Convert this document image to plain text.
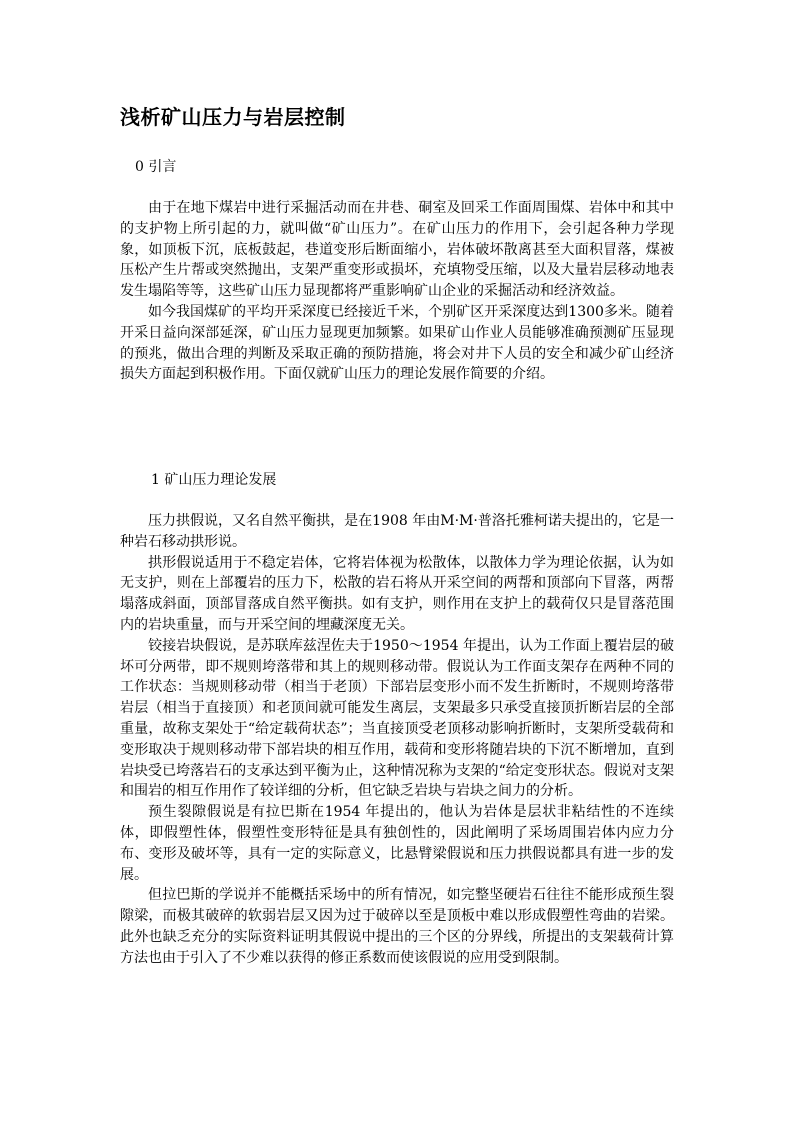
浅析矿山压力与岩层控制
0 引言

由于在地下煤岩中进行采掘活动而在井巷、硐室及回采工作面周围煤、岩体中和其中的支护物上所引起的力，就叫做“矿山压力”。在矿山压力的作用下，会引起各种力学现象，如顶板下沉，底板鼓起，巷道变形后断面缩小，岩体破坏散离甚至大面积冒落，煤被压松产生片帮或突然抛出，支架严重变形或损坏，充填物受压缩，以及大量岩层移动地表发生塌陷等等，这些矿山压力显现都将严重影响矿山企业的采掘活动和经济效益。

如今我国煤矿的平均开采深度已经接近千米，个别矿区开采深度达到1300多米。随着开采日益向深部延深，矿山压力显现更加频繁。如果矿山作业人员能够准确预测矿压显现的预兆，做出合理的判断及采取正确的预防措施，将会对井下人员的安全和减少矿山经济损失方面起到积极作用。下面仅就矿山压力的理论发展作简要的介绍。

1 矿山压力理论发展

压力拱假说，又名自然平衡拱，是在1908 年由M·M·普洛托雅柯诺夫提出的，它是一种岩石移动拱形说。

拱形假说适用于不稳定岩体，它将岩体视为松散体，以散体力学为理论依据，认为如无支护，则在上部覆岩的压力下，松散的岩石将从开采空间的两帮和顶部向下冒落，两帮塌落成斜面，顶部冒落成自然平衡拱。如有支护，则作用在支护上的载荷仅只是冒落范围内的岩块重量，而与开采空间的埋藏深度无关。

铰接岩块假说，是苏联库兹涅佐夫于1950～1954 年提出，认为工作面上覆岩层的破坏可分两带，即不规则垮落带和其上的规则移动带。假说认为工作面支架存在两种不同的工作状态：当规则移动带（相当于老顶）下部岩层变形小而不发生折断时，不规则垮落带岩层（相当于直接顶）和老顶间就可能发生离层，支架最多只承受直接顶折断岩层的全部重量，故称支架处于“给定载荷状态”；当直接顶受老顶移动影响折断时，支架所受载荷和变形取决于规则移动带下部岩块的相互作用，载荷和变形将随岩块的下沉不断增加，直到岩块受已垮落岩石的支承达到平衡为止，这种情况称为支架的“给定变形状态。假说对支架和围岩的相互作用作了较详细的分析，但它缺乏岩块与岩块之间力的分析。

预生裂隙假说是有拉巴斯在1954 年提出的，他认为岩体是层状非粘结性的不连续体，即假塑性体，假塑性变形特征是具有独创性的，因此阐明了采场周围岩体内应力分布、变形及破坏等，具有一定的实际意义，比悬臂梁假说和压力拱假说都具有进一步的发展。

但拉巴斯的学说并不能概括采场中的所有情况，如完整坚硬岩石往往不能形成预生裂隙梁，而极其破碎的软弱岩层又因为过于破碎以至是顶板中难以形成假塑性弯曲的岩梁。此外也缺乏充分的实际资料证明其假说中提出的三个区的分界线，所提出的支架载荷计算方法也由于引入了不少难以获得的修正系数而使该假说的应用受到限制。
